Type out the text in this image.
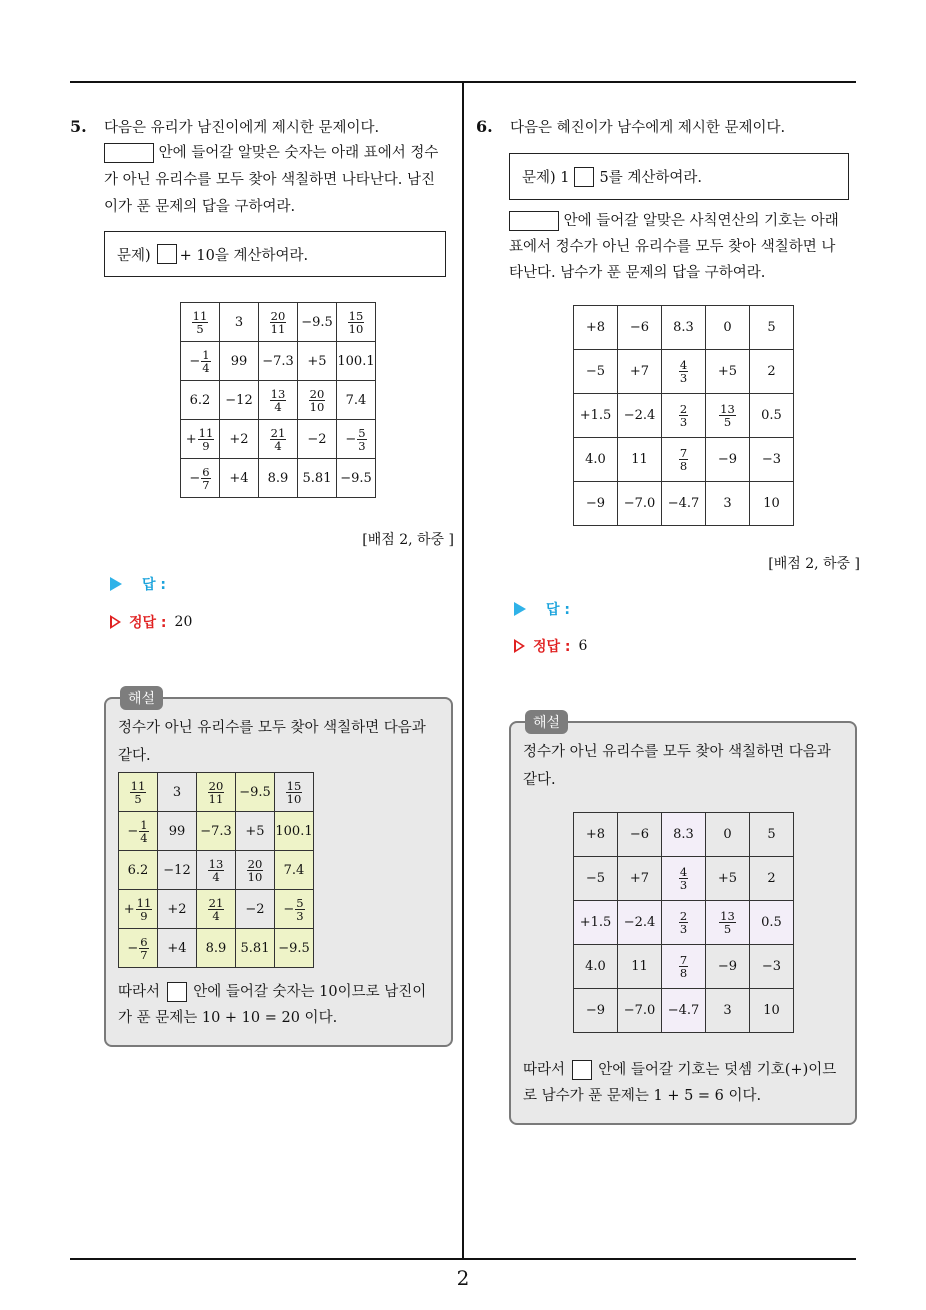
2
5.	다음은 유리가 남진이에게 제시한 문제이다.
안에 들어갈 알맞은 숫자는 아래 표에서 정수
가 아닌 유리수를 모두 찾아 색칠하면 나타난다. 남진
이가 푼 문제의 답을 구하여라.
문제) + 10을 계산하여라.
$\frac{11}{5}$	3	$\frac{20}{11}$	−9.5	$\frac{15}{10}$

− $\frac{1}{4}$	99	−7.3	+5	100.1
6.2	−12	$\frac{13}{4}$	$\frac{20}{10}$	7.4
+ $\frac{11}{9}$	+2	$\frac{21}{4}$	−2	− $\frac{5}{3}$

− $\frac{6}{7}$	+4	8.9	5.81	−9.5
[배점 2, 하중 ]
답 :
정답 : 20
정수가 아닌 유리수를 모두 찾아 색칠하면 다음과
같다.
$\frac{11}{5}$	3	$\frac{20}{11}$	−9.5	$\frac{15}{10}$

− $\frac{1}{4}$	99	−7.3	+5	100.1
6.2	−12	$\frac{13}{4}$	$\frac{20}{10}$	7.4
+ $\frac{11}{9}$	+2	$\frac{21}{4}$	−2	− $\frac{5}{3}$

− $\frac{6}{7}$	+4	8.9	5.81	−9.5
따라서 안에 들어갈 숫자는 10이므로 남진이
가 푼 문제는 10 + 10 = 20 이다.
해설
6.	다음은 혜진이가 남수에게 제시한 문제이다.
문제) 1 5를 계산하여라.
안에 들어갈 알맞은 사칙연산의 기호는 아래
표에서 정수가 아닌 유리수를 모두 찾아 색칠하면 나
타난다. 남수가 푼 문제의 답을 구하여라.
+8	−6	8.3	0	5
−5	+7	$\frac{4}{3}$	+5	2
+1.5	−2.4	$\frac{2}{3}$	$\frac{13}{5}$	0.5
4.0	11	$\frac{7}{8}$	−9	−3
−9	−7.0	−4.7	3	10
[배점 2, 하중 ]
답 :
정답 : 6
정수가 아닌 유리수를 모두 찾아 색칠하면 다음과
같다.
+8	−6	8.3	0	5
−5	+7	$\frac{4}{3}$	+5	2
+1.5	−2.4	$\frac{2}{3}$	$\frac{13}{5}$	0.5
4.0	11	$\frac{7}{8}$	−9	−3
−9	−7.0	−4.7	3	10
따라서 안에 들어갈 기호는 덧셈 기호(+)이므
로 남수가 푼 문제는 1 + 5 = 6 이다.
해설
